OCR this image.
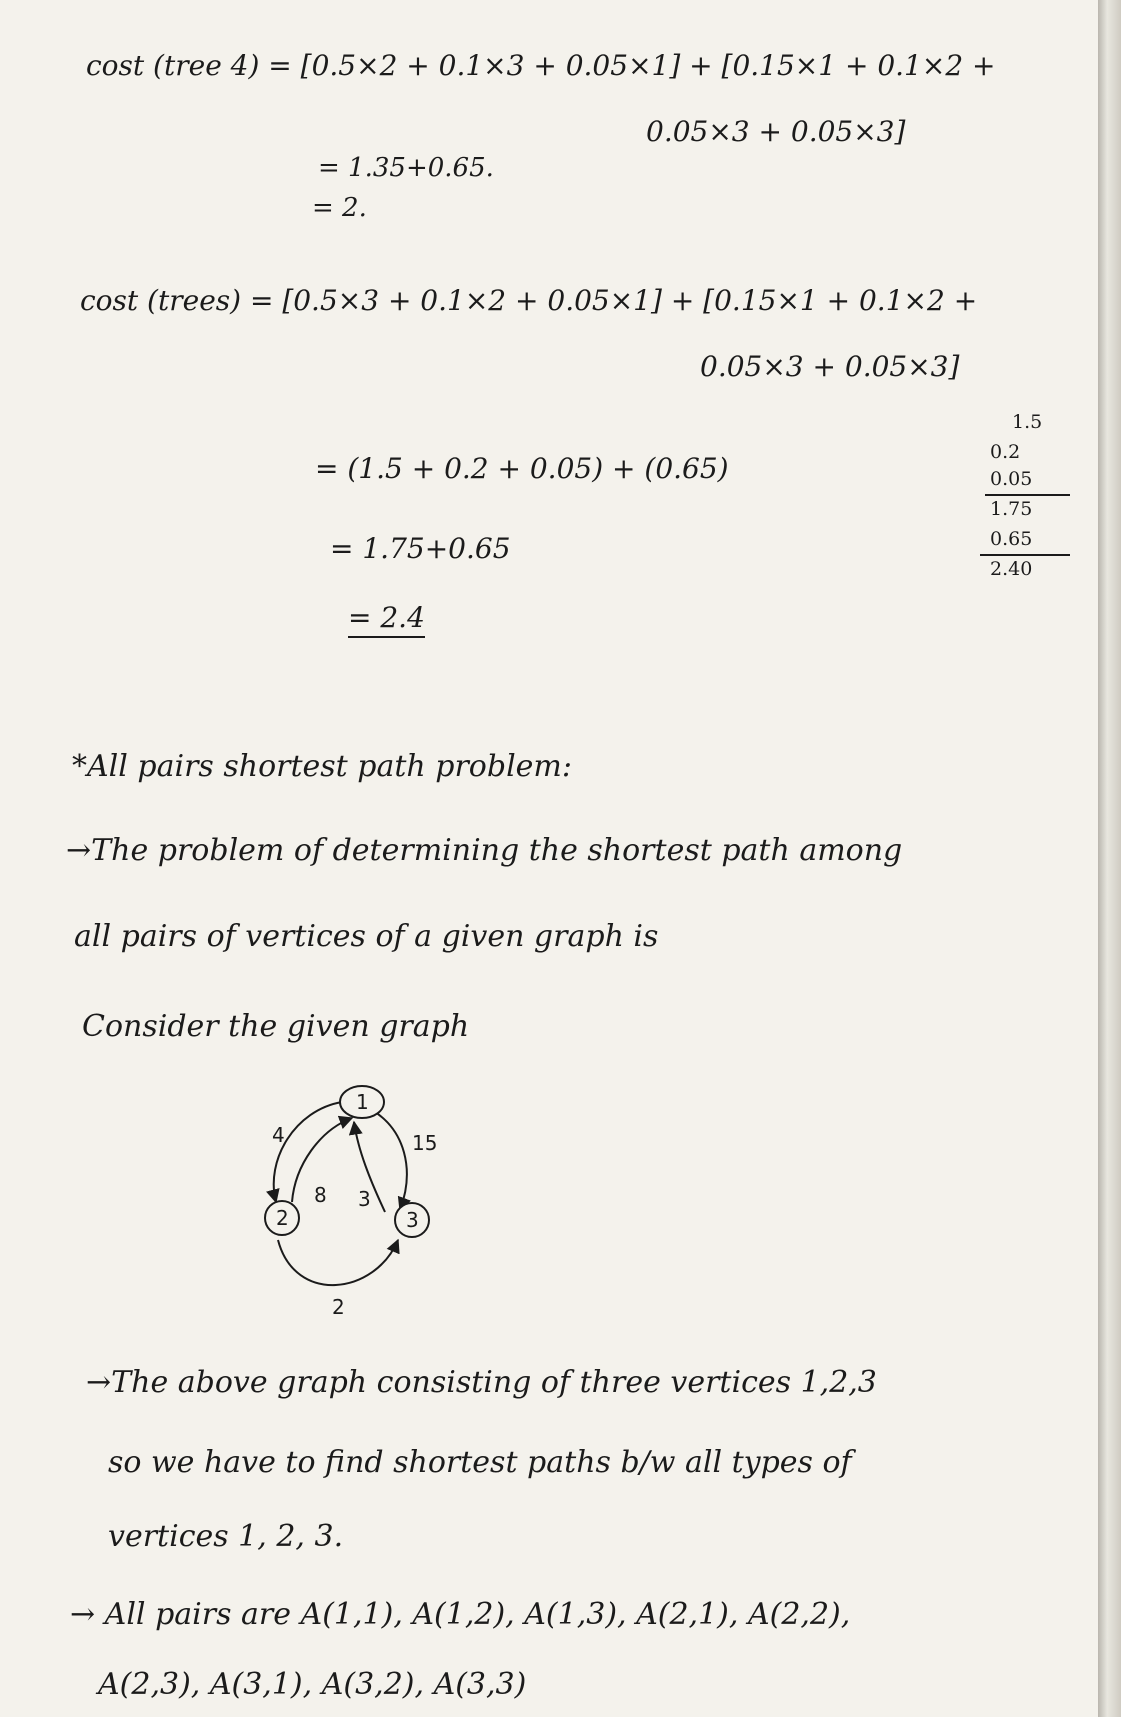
cost (tree 4) = [0.5×2 + 0.1×3 + 0.05×1] + [0.15×1 + 0.1×2 +
0.05×3 + 0.05×3]
= 1.35+0.65.
= 2.
cost (trees) = [0.5×3 + 0.1×2 + 0.05×1] + [0.15×1 + 0.1×2 +
0.05×3 + 0.05×3]
= (1.5 + 0.2 + 0.05) + (0.65)
= 1.75+0.65
= 2.4
1.5
0.2
0.05
1.75
0.65
2.40
*All pairs shortest path problem:
→The problem of determining the shortest path among
all pairs of vertices of a given graph is
Consider the given graph
1
2	3
4
8
15
3
2
→The above graph consisting of three vertices 1,2,3
so we have to find shortest paths b/w all types of
vertices 1, 2, 3.
→ All pairs are A(1,1), A(1,2), A(1,3), A(2,1), A(2,2),
A(2,3), A(3,1), A(3,2), A(3,3)
